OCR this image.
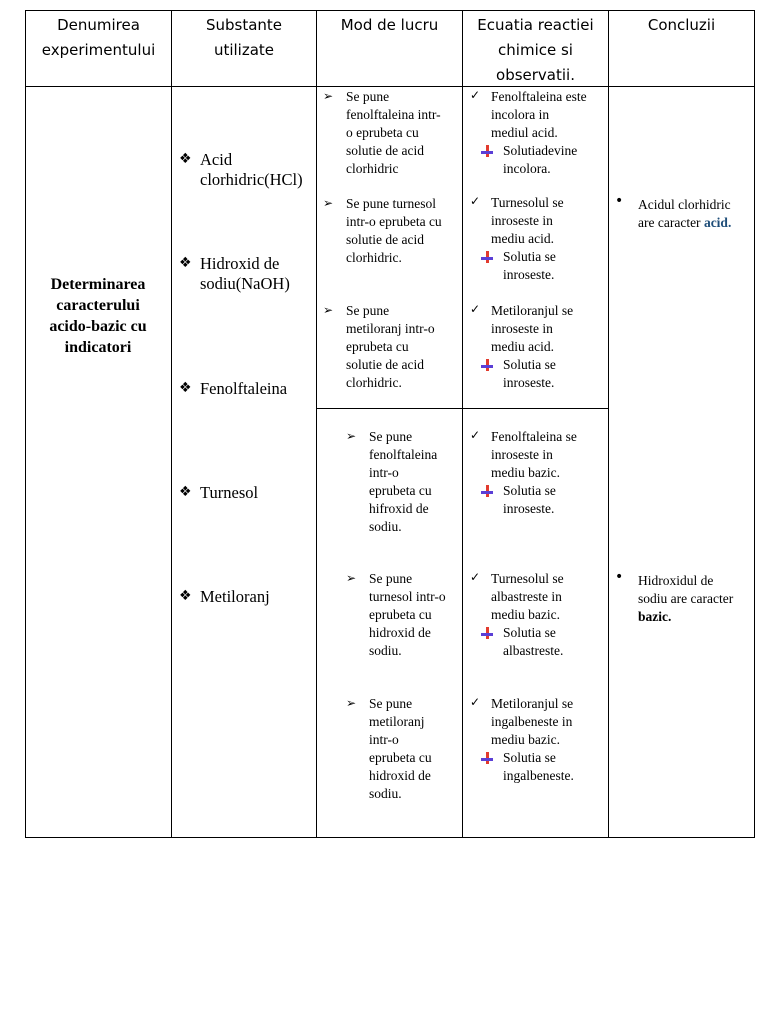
Denumirea
experimentului
Substante
utilizate
Mod de lucru	Ecuatia reactiei
chimice si
observatii.
Concluzii
Determinarea
caracterului
acido-bazic cu
indicatori
❖ Acid
clorhidric(HCl)
❖ Hidroxid de
sodiu(NaOH)
❖ Fenolftaleina
❖ Turnesol
❖ Metiloranj
➢ Se pune
fenolftaleina intr-
o eprubeta cu
solutie de acid
clorhidric
➢ Se pune turnesol
intr-o eprubeta cu
solutie de acid
clorhidric.
➢ Se pune
metiloranj intr-o
eprubeta cu
solutie de acid
clorhidric.
➢ Se pune
fenolftaleina
intr-o
eprubeta cu
hifroxid de
sodiu.
➢ Se pune
turnesol intr-o
eprubeta cu
hidroxid de
sodiu.
➢ Se pune
metiloranj
intr-o
eprubeta cu
hidroxid de
sodiu.
✓ Fenolftaleina este
incolora in
mediul acid.
Solutiadevine
incolora.
✓ Turnesolul se
inroseste in
mediu acid.
Solutia se
inroseste.
✓ Metiloranjul se
inroseste in
mediu acid.
Solutia se
inroseste.
✓ Fenolftaleina se
inroseste in
mediu bazic.
Solutia se
inroseste.
✓ Turnesolul se
albastreste in
mediu bazic.
Solutia se
albastreste.
✓ Metiloranjul se
ingalbeneste in
mediu bazic.
Solutia se
ingalbeneste.
• Acidul clorhidric
are caracter acid.
• Hidroxidul de
sodiu are caracter
bazic.
